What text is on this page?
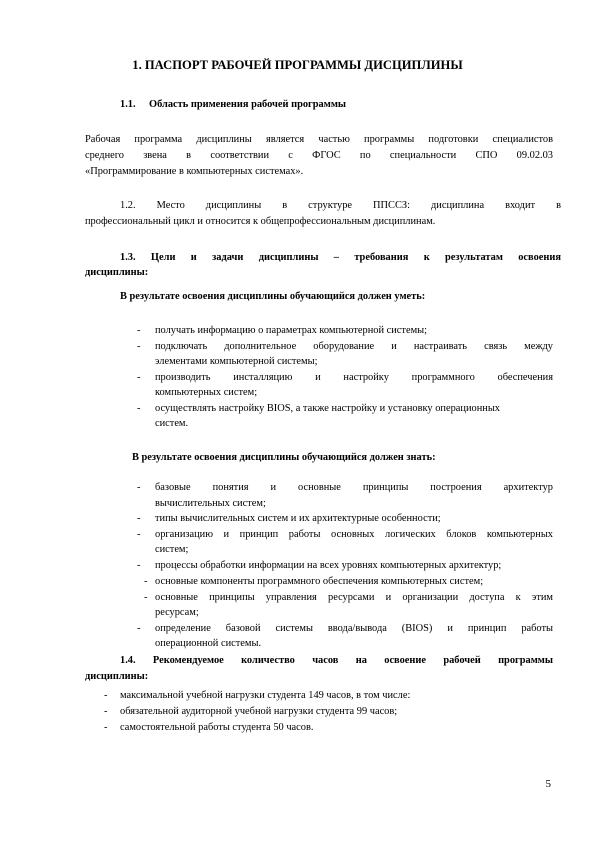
1. ПАСПОРТ РАБОЧЕЙ ПРОГРАММЫ ДИСЦИПЛИНЫ
1.1. Область применения рабочей программы
Рабочая программа дисциплины является частью программы подготовки специалистов
среднего звена в соответствии с ФГОС по специальности СПО 09.02.03
«Программирование в компьютерных системах».
1.2. Место дисциплины в структуре ППССЗ: дисциплина входит в
профессиональный цикл и относится к общепрофессиональным дисциплинам.
1.3. Цели и задачи дисциплины – требования к результатам освоения
дисциплины:
В результате освоения дисциплины обучающийся должен уметь:
- получать информацию о параметрах компьютерной системы;
- подключать дополнительное оборудование и настраивать связь между
элементами компьютерной системы;
- производить инсталляцию и настройку программного обеспечения
компьютерных систем;
- осуществлять настройку BIOS, а также настройку и установку операционных
систем.
В результате освоения дисциплины обучающийся должен знать:
- базовые понятия и основные принципы построения архитектур
вычислительных систем;
- типы вычислительных систем и их архитектурные особенности;
- организацию и принцип работы основных логических блоков компьютерных
систем;
- процессы обработки информации на всех уровнях компьютерных архитектур;
- основные компоненты программного обеспечения компьютерных систем;
- основные принципы управления ресурсами и организации доступа к этим
ресурсам;
- определение базовой системы ввода/вывода (BIOS) и принцип работы
операционной системы.
1.4. Рекомендуемое количество часов на освоение рабочей программы
дисциплины:
- максимальной учебной нагрузки студента 149 часов, в том числе:
- обязательной аудиторной учебной нагрузки студента 99 часов;
- самостоятельной работы студента 50 часов.
5
